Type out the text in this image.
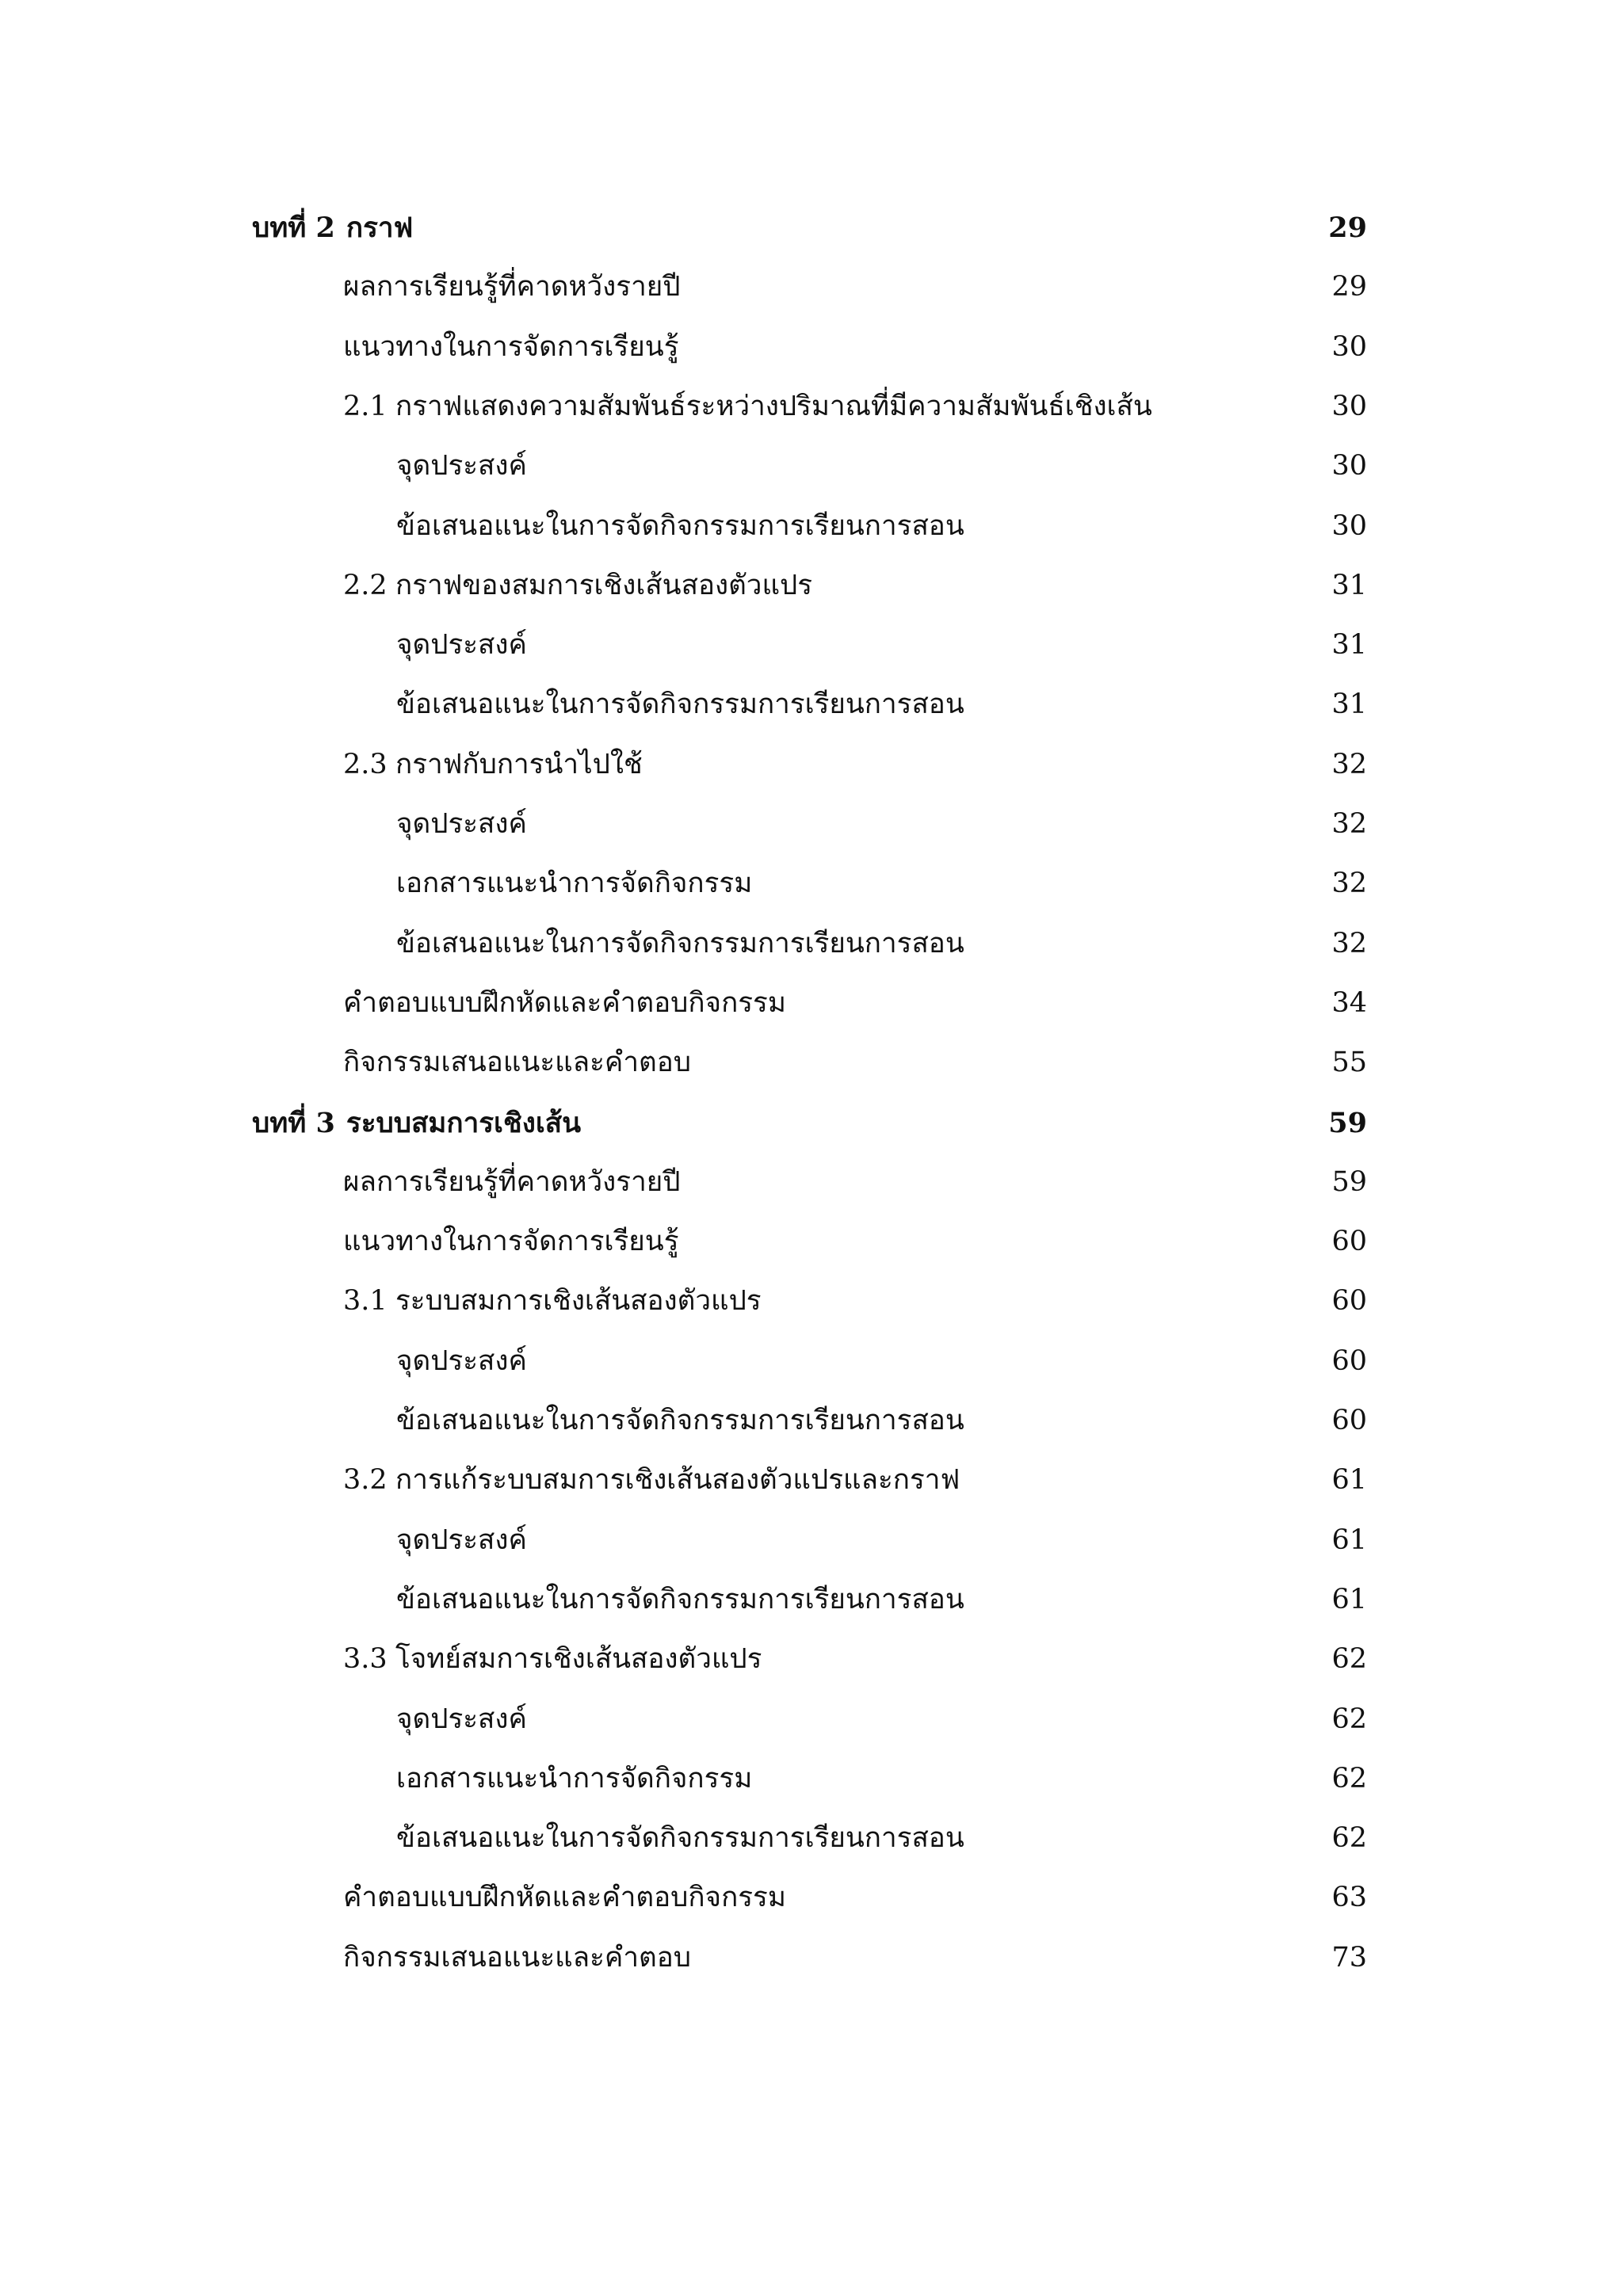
บทที่ 2 กราฟ	29
ผลการเรียนรู้ที่คาดหวังรายปี	29
แนวทางในการจัดการเรียนรู้	30
2.1 กราฟแสดงความสัมพันธ์ระหว่างปริมาณที่มีความสัมพันธ์เชิงเส้น	30
จุดประสงค์	30
ข้อเสนอแนะในการจัดกิจกรรมการเรียนการสอน	30
2.2 กราฟของสมการเชิงเส้นสองตัวแปร	31
จุดประสงค์	31
ข้อเสนอแนะในการจัดกิจกรรมการเรียนการสอน	31
2.3 กราฟกับการนำไปใช้	32
จุดประสงค์	32
เอกสารแนะนำการจัดกิจกรรม	32
ข้อเสนอแนะในการจัดกิจกรรมการเรียนการสอน	32
คำตอบแบบฝึกหัดและคำตอบกิจกรรม	34
กิจกรรมเสนอแนะและคำตอบ	55
บทที่ 3 ระบบสมการเชิงเส้น	59
ผลการเรียนรู้ที่คาดหวังรายปี	59
แนวทางในการจัดการเรียนรู้	60
3.1 ระบบสมการเชิงเส้นสองตัวแปร	60
จุดประสงค์	60
ข้อเสนอแนะในการจัดกิจกรรมการเรียนการสอน	60
3.2 การแก้ระบบสมการเชิงเส้นสองตัวแปรและกราฟ	61
จุดประสงค์	61
ข้อเสนอแนะในการจัดกิจกรรมการเรียนการสอน	61
3.3 โจทย์สมการเชิงเส้นสองตัวแปร	62
จุดประสงค์	62
เอกสารแนะนำการจัดกิจกรรม	62
ข้อเสนอแนะในการจัดกิจกรรมการเรียนการสอน	62
คำตอบแบบฝึกหัดและคำตอบกิจกรรม	63
กิจกรรมเสนอแนะและคำตอบ	73
